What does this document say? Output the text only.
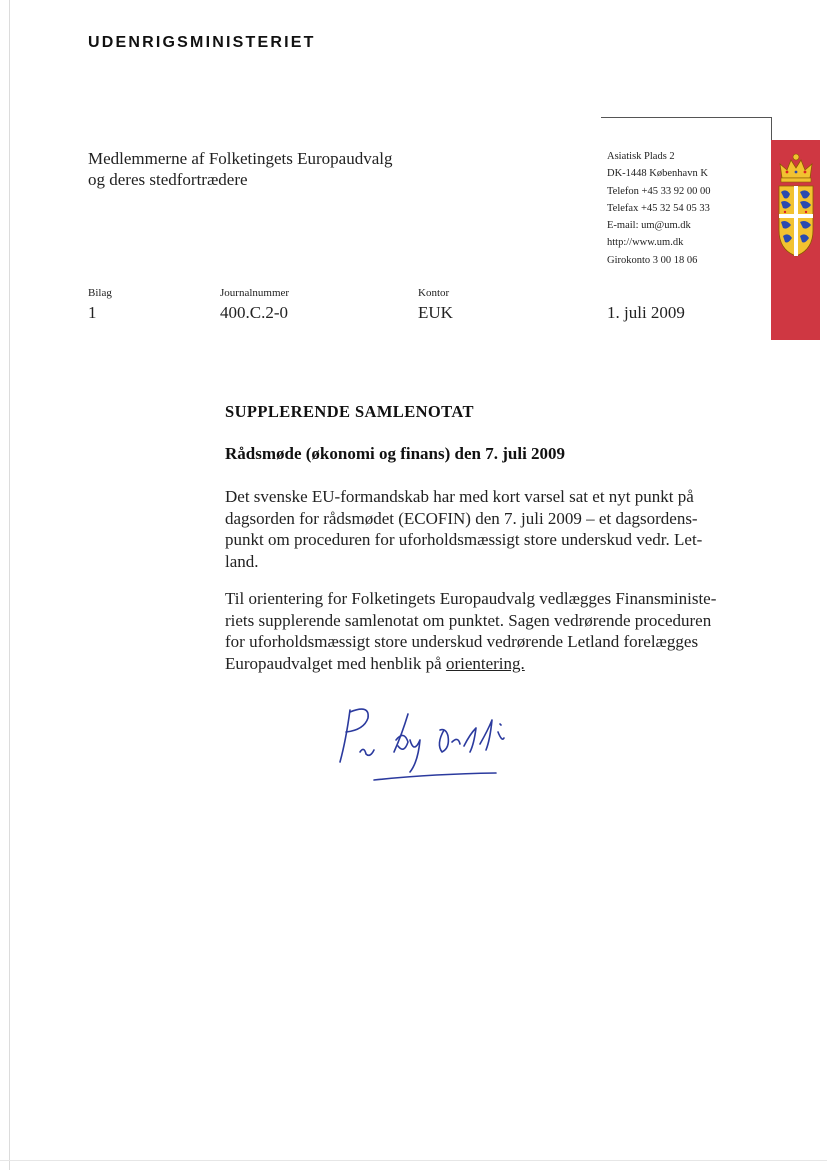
UDENRIGSMINISTERIET
Medlemmerne af Folketingets Europaudvalg
og deres stedfortrædere
Asiatisk Plads 2
DK-1448 København K
Telefon +45 33 92 00 00
Telefax +45 32 54 05 33
E-mail: um@um.dk
http://www.um.dk
Girokonto 3 00 18 06
Bilag
1
Journalnummer
400.C.2-0
Kontor
EUK	1. juli 2009
SUPPLERENDE SAMLENOTAT
Rådsmøde (økonomi og finans) den 7. juli 2009

Det svenske EU-formandskab har med kort varsel sat et nyt punkt på
dagsorden for rådsmødet (ECOFIN) den 7. juli 2009 – et dagsordens-
punkt om proceduren for uforholdsmæssigt store underskud vedr. Let-
land.

Til orientering for Folketingets Europaudvalg vedlægges Finansministe-
riets supplerende samlenotat om punktet. Sagen vedrørende proceduren
for uforholdsmæssigt store underskud vedrørende Letland forelægges
Europaudvalget med henblik på orientering.
